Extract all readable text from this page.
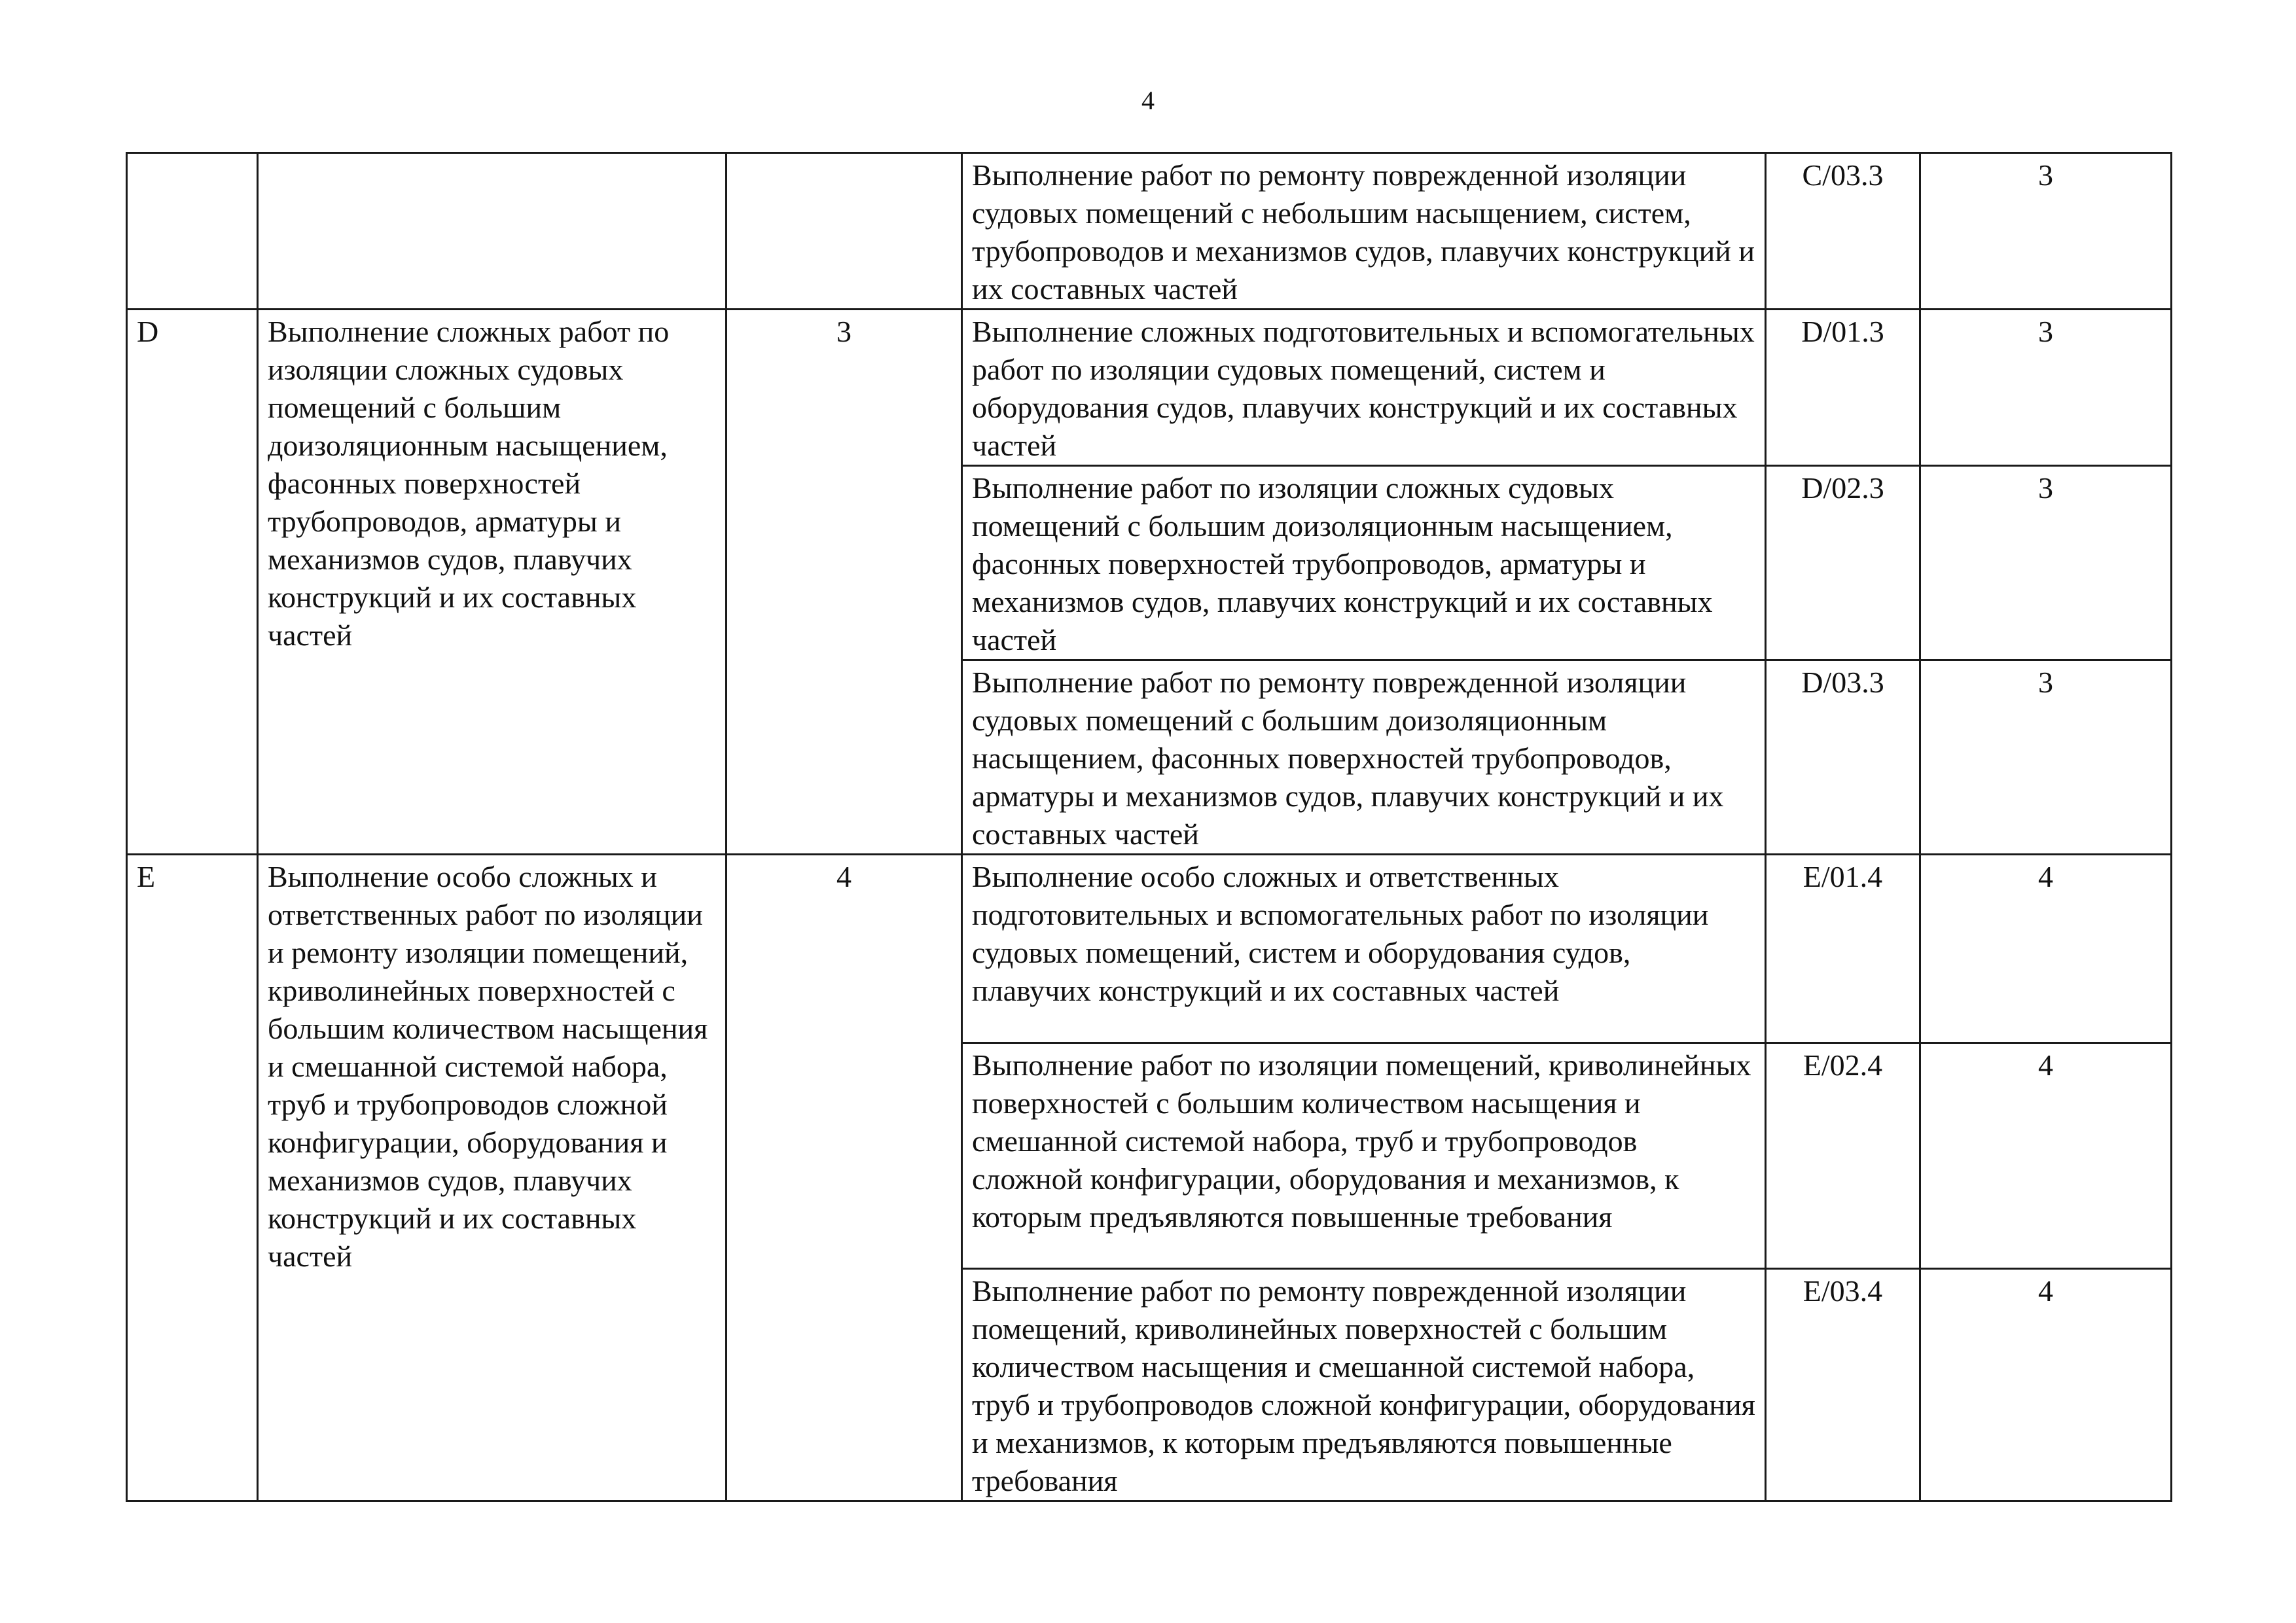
4
			Выполнение работ по ремонту поврежденной изоляции судовых помещений с небольшим насыщением, систем, трубопроводов и механизмов судов, плавучих конструкций и их составных частей	C/03.3	3
D	Выполнение сложных работ по изоляции сложных судовых помещений с большим доизоляционным насыщением, фасонных поверхностей трубопроводов, арматуры и механизмов судов, плавучих конструкций и их составных частей	3	Выполнение сложных подготовительных и вспомогательных работ по изоляции судовых помещений, систем и оборудования судов, плавучих конструкций и их составных частей	D/01.3	3
			Выполнение работ по изоляции сложных судовых помещений с большим доизоляционным насыщением, фасонных поверхностей трубопроводов, арматуры и механизмов судов, плавучих конструкций и их составных частей	D/02.3	3
			Выполнение работ по ремонту поврежденной изоляции судовых помещений с большим доизоляционным насыщением, фасонных поверхностей трубопроводов, арматуры и механизмов судов, плавучих конструкций и их составных частей	D/03.3	3
E	Выполнение особо сложных и ответственных работ по изоляции и ремонту изоляции помещений, криволинейных поверхностей с большим количеством насыщения и смешанной системой набора, труб и трубопроводов сложной конфигурации, оборудования и механизмов судов, плавучих конструкций и их составных частей	4	Выполнение особо сложных и ответственных подготовительных и вспомогательных работ по изоляции судовых помещений, систем и оборудования судов, плавучих конструкций и их составных частей	E/01.4	4
			Выполнение работ по изоляции помещений, криволинейных поверхностей с большим количеством насыщения и смешанной системой набора, труб и трубопроводов сложной конфигурации, оборудования и механизмов, к которым предъявляются повышенные требования	E/02.4	4
			Выполнение работ по ремонту поврежденной изоляции помещений, криволинейных поверхностей с большим количеством насыщения и смешанной системой набора, труб и трубопроводов сложной конфигурации, оборудования и механизмов, к которым предъявляются повышенные требования	E/03.4	4
